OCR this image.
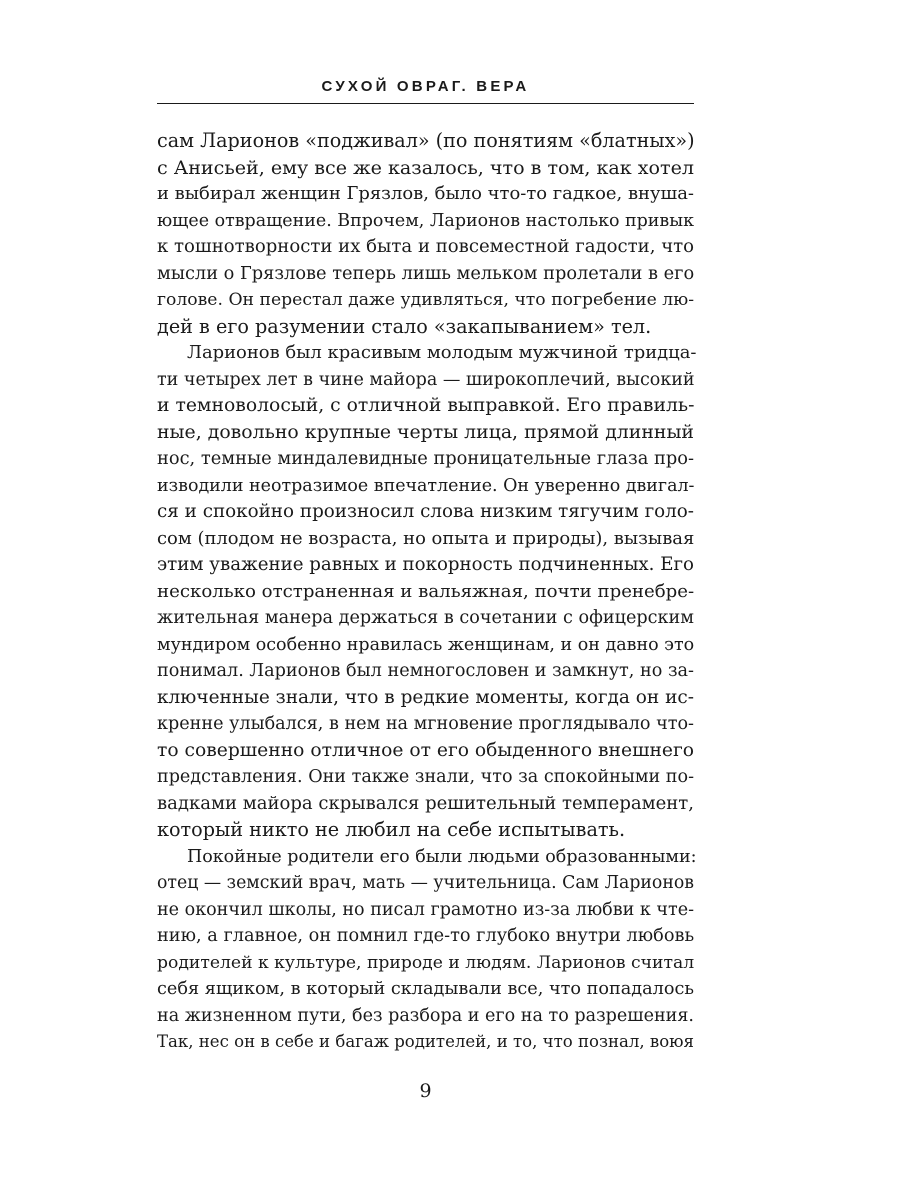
СУХОЙ ОВРАГ. ВЕРА
сам Ларионов «подживал» (по понятиям «блатных»)
с Анисьей, ему все же казалось, что в том, как хотел
и выбирал женщин Грязлов, было что-то гадкое, внуша-
ющее отвращение. Впрочем, Ларионов настолько привык
к тошнотворности их быта и повсеместной гадости, что
мысли о Грязлове теперь лишь мельком пролетали в его
голове. Он перестал даже удивляться, что погребение лю-
дей в его разумении стало «закапыванием» тел.
Ларионов был красивым молодым мужчиной тридца-
ти четырех лет в чине майора — широкоплечий, высокий
и темноволосый, с отличной выправкой. Его правиль-
ные, довольно крупные черты лица, прямой длинный
нос, темные миндалевидные проницательные глаза про-
изводили неотразимое впечатление. Он уверенно двигал-
ся и спокойно произносил слова низким тягучим голо-
сом (плодом не возраста, но опыта и природы), вызывая
этим уважение равных и покорность подчиненных. Его
несколько отстраненная и вальяжная, почти пренебре-
жительная манера держаться в сочетании с офицерским
мундиром особенно нравилась женщинам, и он давно это
понимал. Ларионов был немногословен и замкнут, но за-
ключенные знали, что в редкие моменты, когда он ис-
кренне улыбался, в нем на мгновение проглядывало что-
то совершенно отличное от его обыденного внешнего
представления. Они также знали, что за спокойными по-
вадками майора скрывался решительный темперамент,
который никто не любил на себе испытывать.
Покойные родители его были людьми образованными:
отец — земский врач, мать — учительница. Сам Ларионов
не окончил школы, но писал грамотно из-за любви к чте-
нию, а главное, он помнил где-то глубоко внутри любовь
родителей к культуре, природе и людям. Ларионов считал
себя ящиком, в который складывали все, что попадалось
на жизненном пути, без разбора и его на то разрешения.
Так, нес он в себе и багаж родителей, и то, что познал, воюя
9
